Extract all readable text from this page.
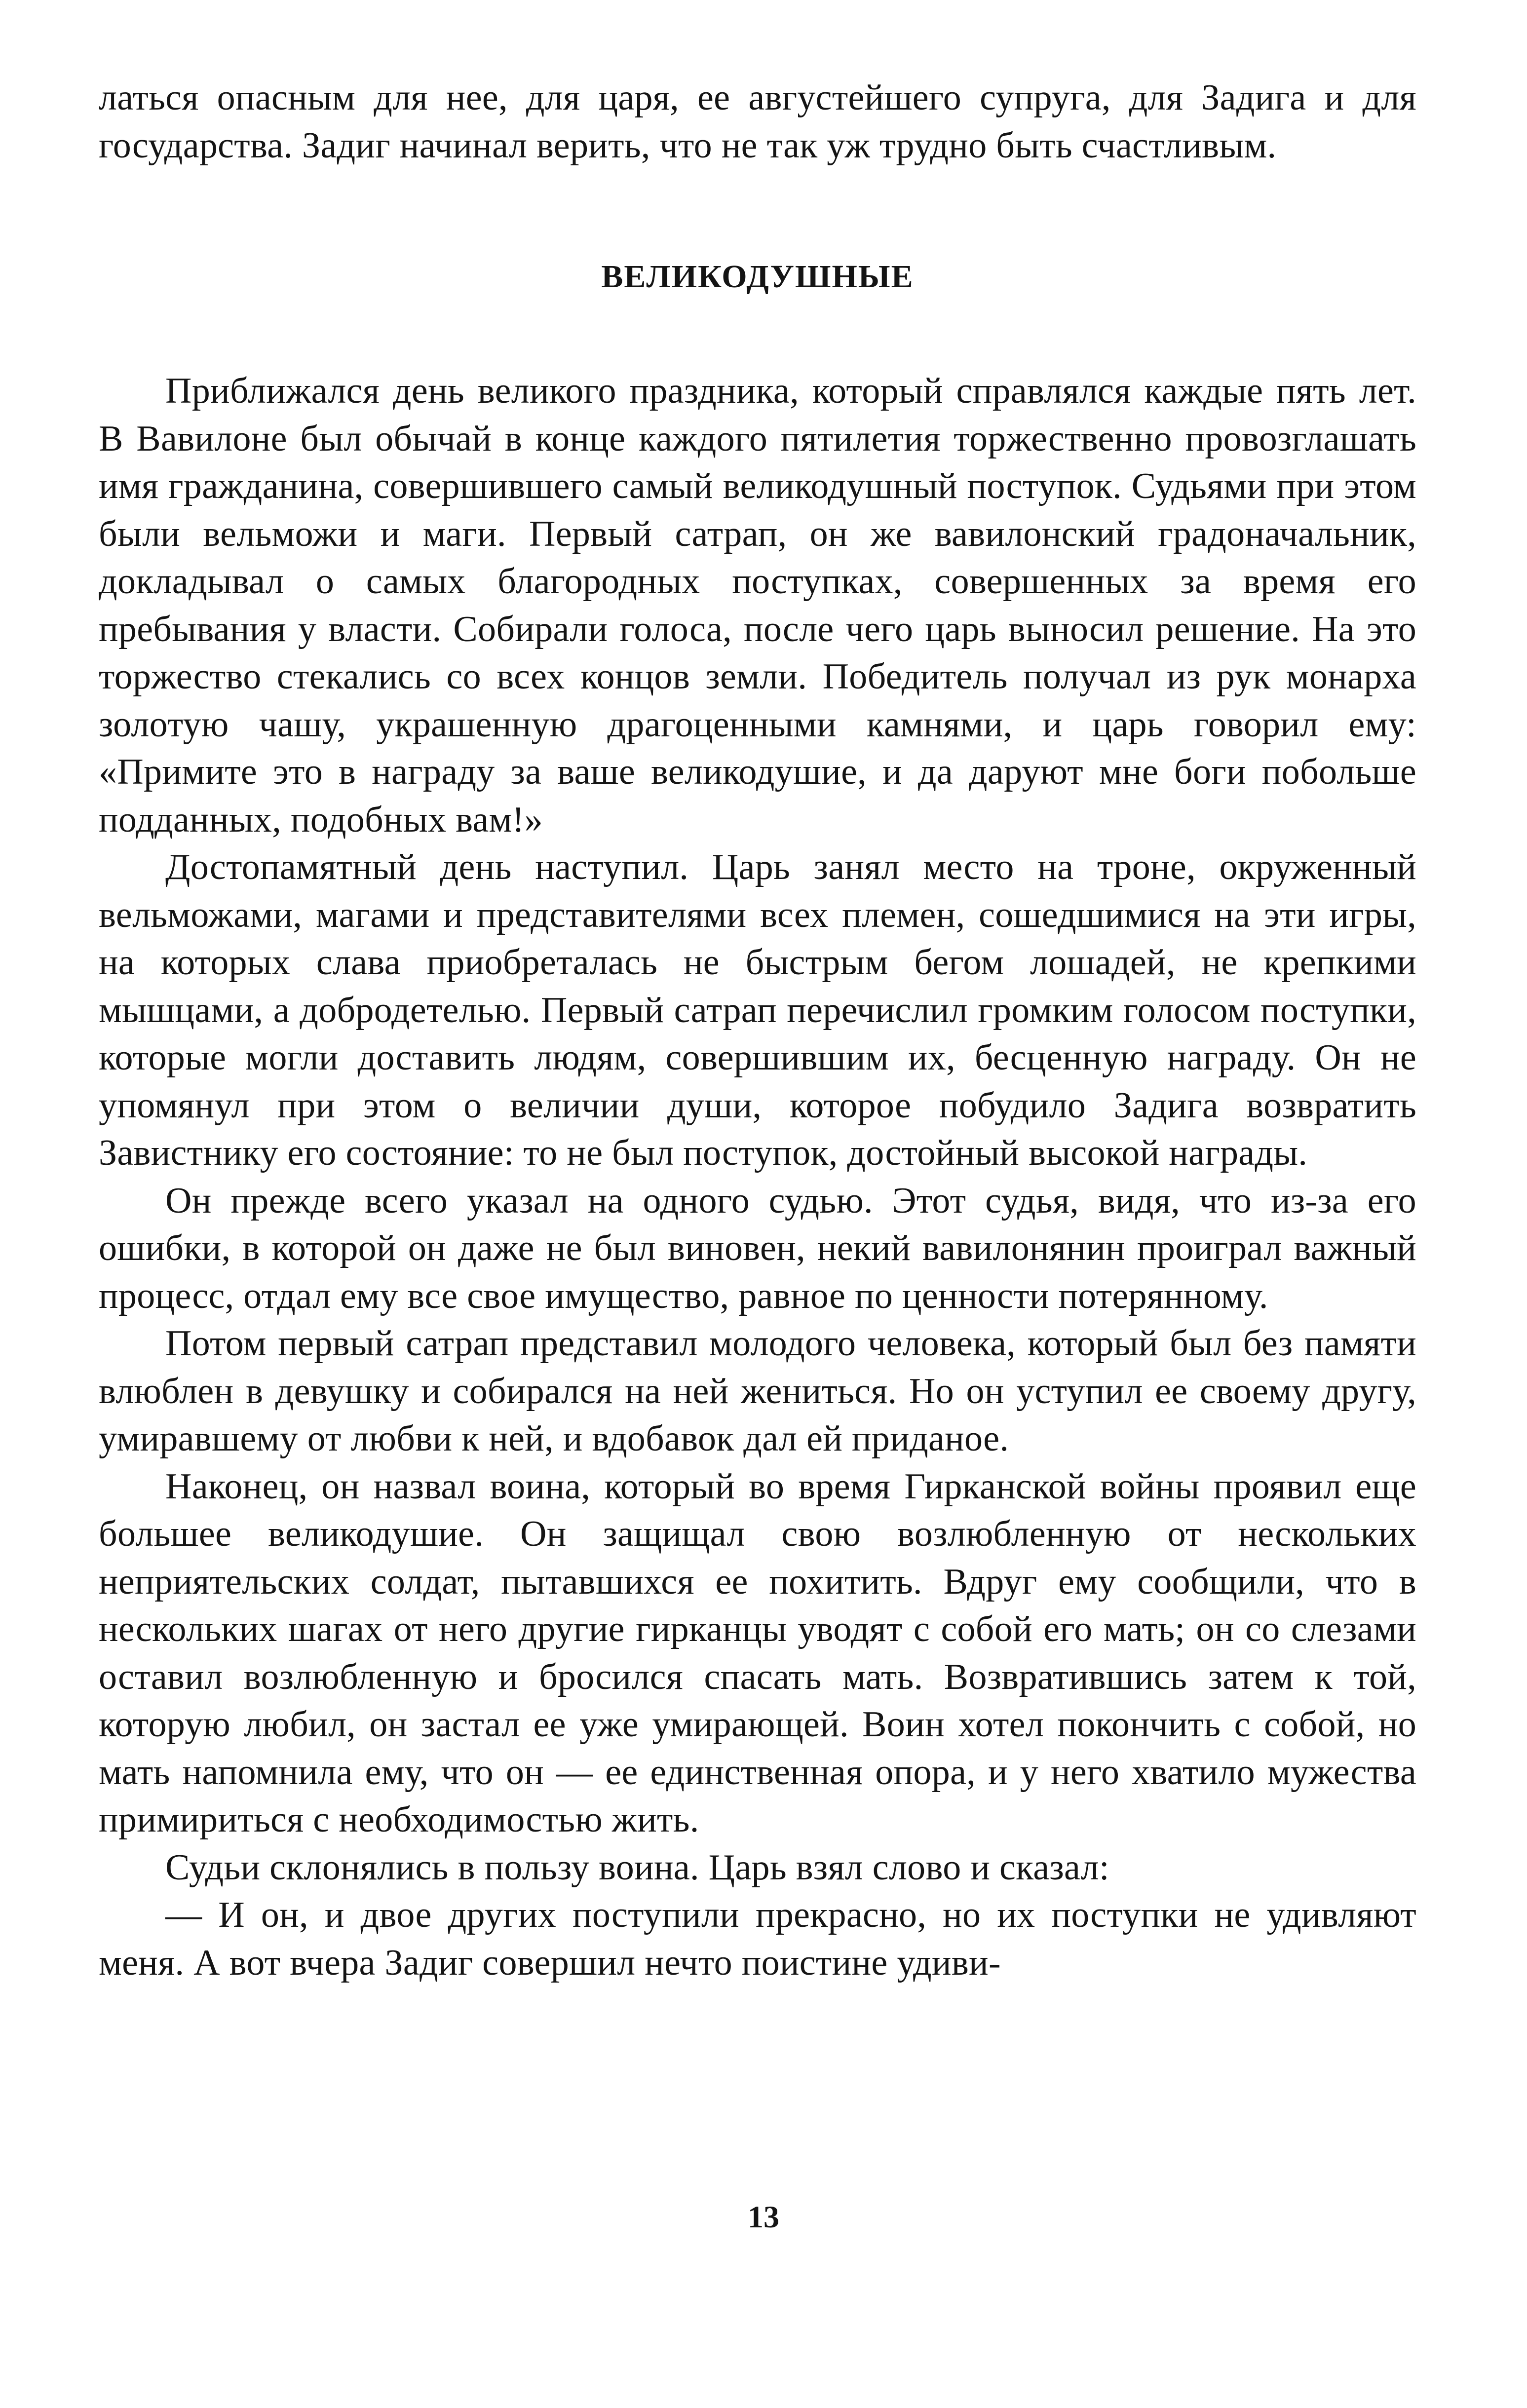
латься опасным для нее, для царя, ее августейшего супруга, для Задига и для государства. Задиг начинал верить, что не так уж трудно быть счастливым.

ВЕЛИКОДУШНЫЕ

Приближался день великого праздника, который справлялся каждые пять лет. В Вавилоне был обычай в конце каждого пятилетия торжественно провозглашать имя гражданина, совершившего самый великодушный поступок. Судьями при этом были вельможи и маги. Первый сатрап, он же вавилонский градоначальник, докладывал о самых благородных поступках, совершенных за время его пребывания у власти. Собирали голоса, после чего царь выносил решение. На это торжество стекались со всех концов земли. Победитель получал из рук монарха золотую чашу, украшенную драгоценными камнями, и царь говорил ему: «Примите это в награду за ваше великодушие, и да даруют мне боги побольше подданных, подобных вам!»

Достопамятный день наступил. Царь занял место на троне, окруженный вельможами, магами и представителями всех племен, сошедшимися на эти игры, на которых слава приобреталась не быстрым бегом лошадей, не крепкими мышцами, а добродетелью. Первый сатрап перечислил громким голосом поступки, которые могли доставить людям, совершившим их, бесценную награду. Он не упомянул при этом о величии души, которое побудило Задига возвратить Завистнику его состояние: то не был поступок, достойный высокой награды.

Он прежде всего указал на одного судью. Этот судья, видя, что из-за его ошибки, в которой он даже не был виновен, некий вавилонянин проиграл важный процесс, отдал ему все свое имущество, равное по ценности потерянному.

Потом первый сатрап представил молодого человека, который был без памяти влюблен в девушку и собирался на ней жениться. Но он уступил ее своему другу, умиравшему от любви к ней, и вдобавок дал ей приданое.

Наконец, он назвал воина, который во время Гирканской войны проявил еще большее великодушие. Он защищал свою возлюбленную от нескольких неприятельских солдат, пытавшихся ее похитить. Вдруг ему сообщили, что в нескольких шагах от него другие гирканцы уводят с собой его мать; он со слезами оставил возлюбленную и бросился спасать мать. Возвратившись затем к той, которую любил, он застал ее уже умирающей. Воин хотел покончить с собой, но мать напомнила ему, что он — ее единственная опора, и у него хватило мужества примириться с необходимостью жить.

Судьи склонялись в пользу воина. Царь взял слово и сказал:

— И он, и двое других поступили прекрасно, но их поступки не удивляют меня. А вот вчера Задиг совершил нечто поистине удиви-

13
